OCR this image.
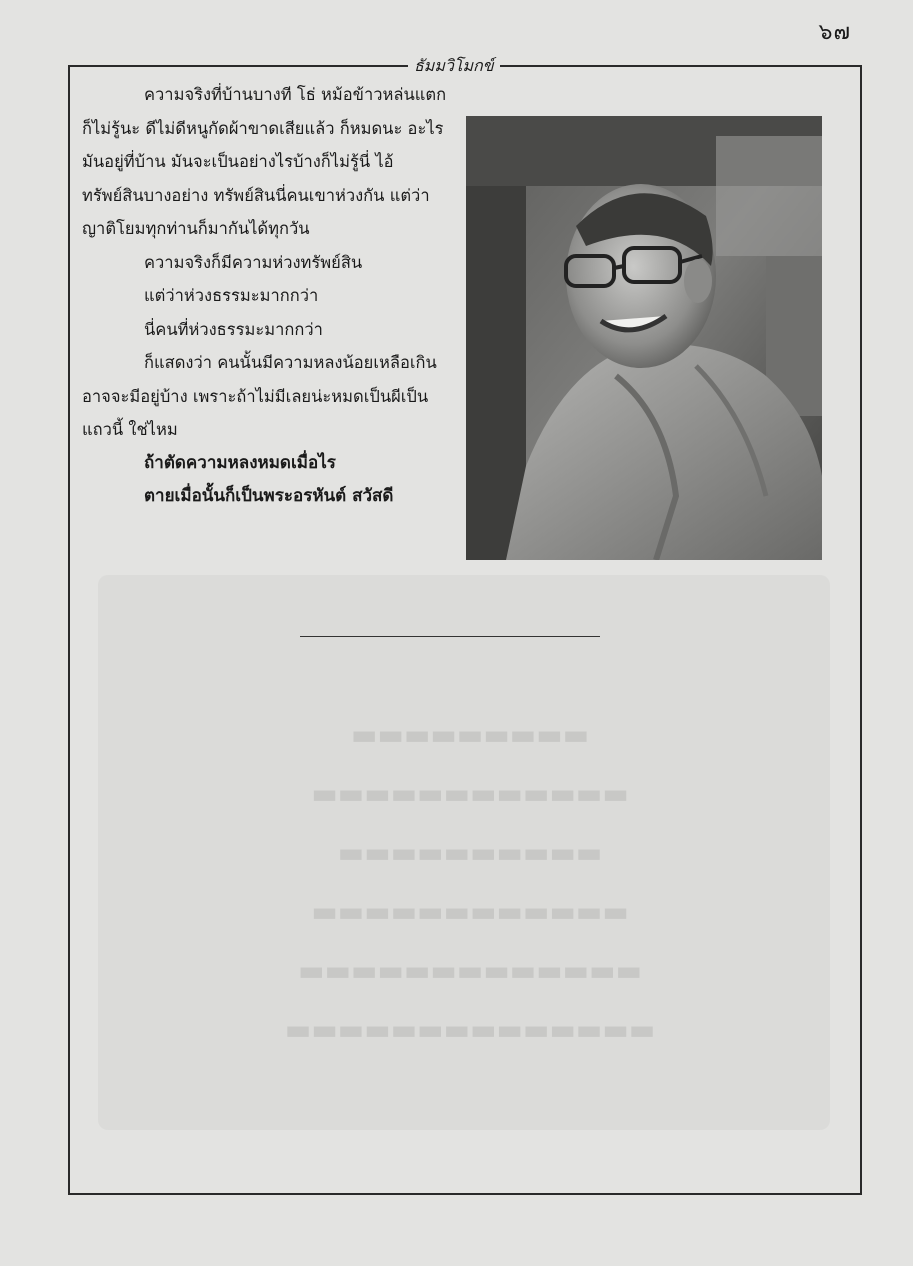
๖๗
▬▬▬▬▬▬▬▬▬
▬▬▬▬▬▬▬▬▬▬▬▬
▬▬▬▬▬▬▬▬▬▬
▬▬▬▬▬▬▬▬▬▬▬▬
▬▬▬▬▬▬▬▬▬▬▬▬▬
▬▬▬▬▬▬▬▬▬▬▬▬▬▬
ธัมมวิโมกข์

ความจริงที่บ้านบางที โธ่ หม้อข้าวหล่นแตกก็ไม่รู้นะ ดีไม่ดีหนูกัดผ้าขาดเสียแล้ว ก็หมดนะ อะไรมันอยู่ที่บ้าน มันจะเป็นอย่างไรบ้างก็ไม่รู้นี่ ไอ้ทรัพย์สินบางอย่าง ทรัพย์สินนี่คนเขาห่วงกัน แต่ว่าญาติโยมทุกท่านก็มากันได้ทุกวัน

ความจริงก็มีความห่วงทรัพย์สิน

แต่ว่าห่วงธรรมะมากกว่า

นี่คนที่ห่วงธรรมะมากกว่า

ก็แสดงว่า คนนั้นมีความหลงน้อยเหลือเกิน อาจจะมีอยู่บ้าง เพราะถ้าไม่มีเลยน่ะหมดเป็นผีเป็นแถวนี้ ใช่ไหม

ถ้าตัดความหลงหมดเมื่อไร

ตายเมื่อนั้นก็เป็นพระอรหันต์ สวัสดี
